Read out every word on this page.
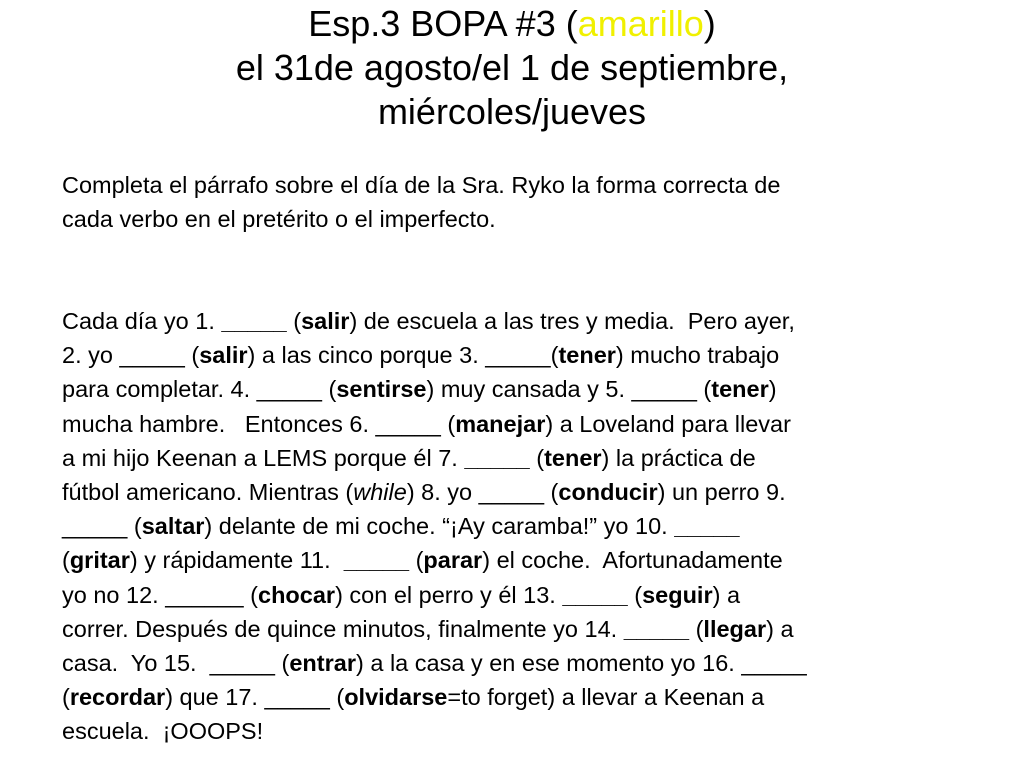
Esp.3 BOPA #3 (amarillo)
el 31de agosto/el 1 de septiembre,
miércoles/jueves

Completa el párrafo sobre el día de la Sra. Ryko la forma correcta de
cada verbo en el pretérito o el imperfecto.

Cada día yo 1. _____ (salir) de escuela a las tres y media.  Pero ayer,
2. yo _____ (salir) a las cinco porque 3. _____(tener) mucho trabajo
para completar. 4. _____ (sentirse) muy cansada y 5. _____ (tener)
mucha hambre.   Entonces 6. _____ (manejar) a Loveland para llevar
a mi hijo Keenan a LEMS porque él 7. _____ (tener) la práctica de
fútbol americano. Mientras (while) 8. yo _____ (conducir) un perro 9.
_____ (saltar) delante de mi coche. “¡Ay caramba!” yo 10. _____
(gritar) y rápidamente 11.  _____ (parar) el coche.  Afortunadamente
yo no 12. ______ (chocar) con el perro y él 13. _____ (seguir) a
correr. Después de quince minutos, finalmente yo 14. _____ (llegar) a
casa.  Yo 15.  _____ (entrar) a la casa y en ese momento yo 16. _____
(recordar) que 17. _____ (olvidarse=to forget) a llevar a Keenan a
escuela.  ¡OOOPS!
